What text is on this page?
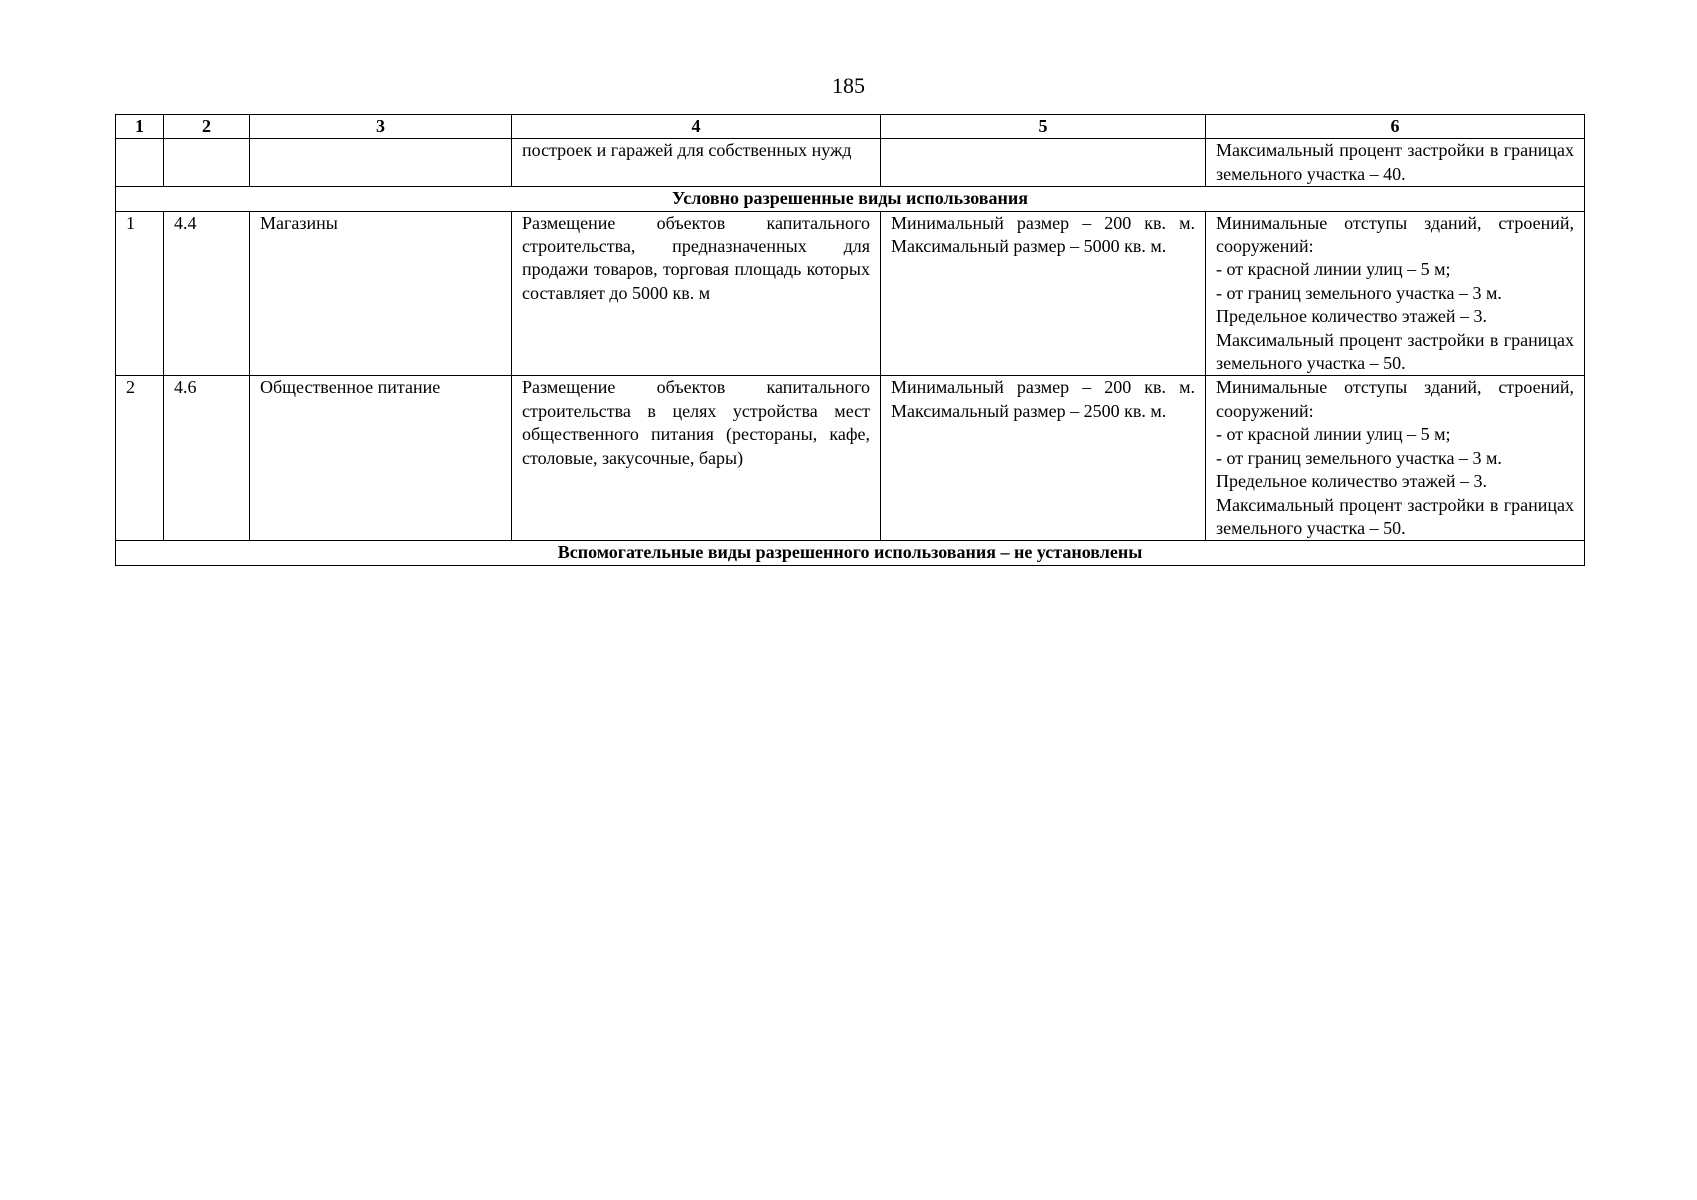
185
1	2	3	4	5	6
			построек и гаражей для собственных нужд		Максимальный процент застройки в границах земельного участка – 40.
Условно разрешенные виды использования					
1	4.4	Магазины	Размещение объектов капитального строительства, предназначенных для продажи товаров, торговая площадь которых составляет до 5000 кв. м	Минимальный размер – 200 кв. м. Максимальный размер – 5000 кв. м.	Минимальные отступы зданий, строений, сооружений:
- от красной линии улиц – 5 м;
- от границ земельного участка – 3 м.
Предельное количество этажей – 3.
Максимальный процент застройки в границах земельного участка – 50.

2	4.6	Общественное питание	Размещение объектов капитального строительства в целях устройства мест общественного питания (рестораны, кафе, столовые, закусочные, бары)	Минимальный размер – 200 кв. м. Максимальный размер – 2500 кв. м.	Минимальные отступы зданий, строений, сооружений:
- от красной линии улиц – 5 м;
- от границ земельного участка – 3 м.
Предельное количество этажей – 3.
Максимальный процент застройки в границах земельного участка – 50.

Вспомогательные виды разрешенного использования – не установлены					
